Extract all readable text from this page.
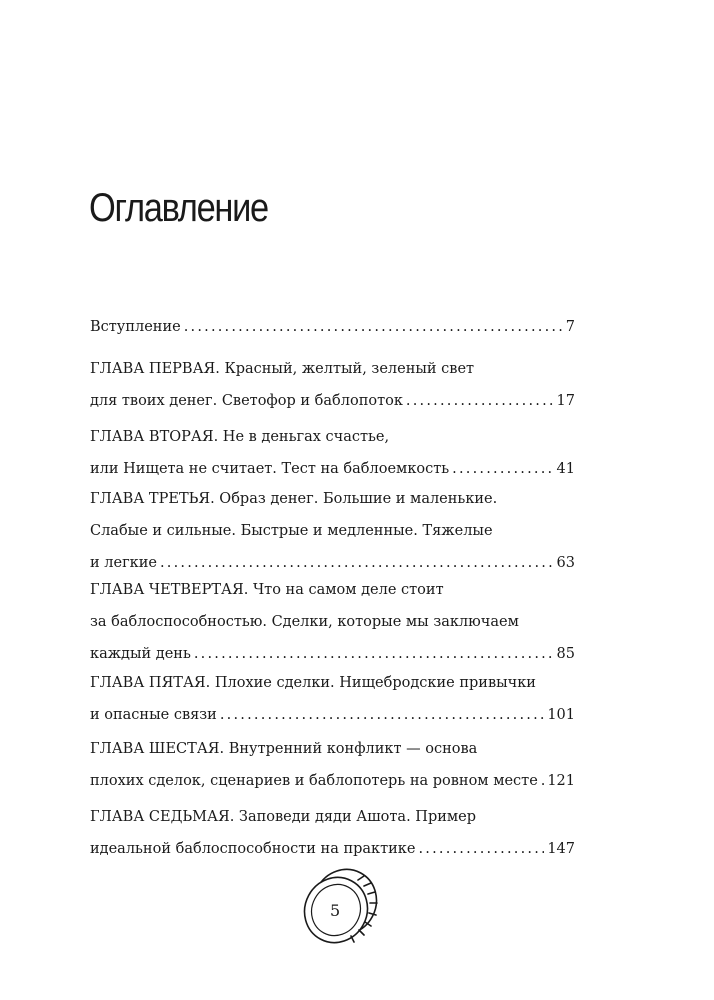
Оглавление
Вступление .....	7
ГЛАВА ПЕРВАЯ. Красный, желтый, зеленый свет
для твоих денег. Светофор и баблопоток .....	17
ГЛАВА ВТОРАЯ. Не в деньгах счастье,
или Нищета не считает. Тест на баблоемкость .....	41
ГЛАВА ТРЕТЬЯ. Образ денег. Большие и маленькие.
Слабые и сильные. Быстрые и медленные. Тяжелые
и легкие .....	63
ГЛАВА ЧЕТВЕРТАЯ. Что на самом деле стоит
за баблоспособностью. Сделки, которые мы заключаем
каждый день .....	85
ГЛАВА ПЯТАЯ. Плохие сделки. Нищебродские привычки
и опасные связи .....	101
ГЛАВА ШЕСТАЯ. Внутренний конфликт — основа
плохих сделок, сценариев и баблопотерь на ровном месте ..... 121
ГЛАВА СЕДЬМАЯ. Заповеди дяди Ашота. Пример
идеальной баблоспособности на практике .....	147
5
